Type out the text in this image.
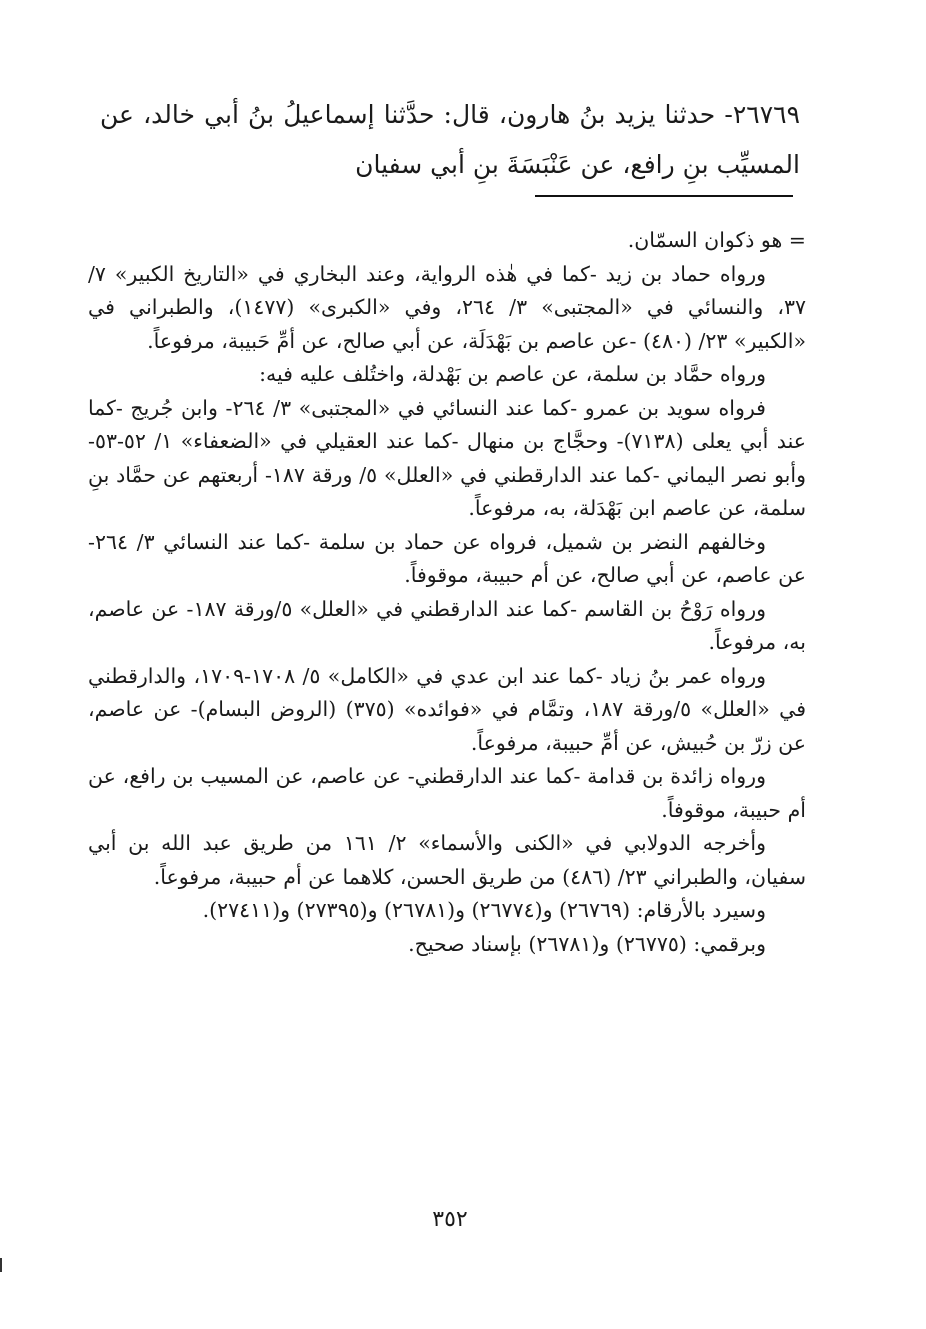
٢٦٧٦٩- حدثنا يزيد بنُ هارون، قال: حدَّثنا إسماعيلُ بنُ أبي خالد، عن المسيِّب بنِ رافع، عن عَنْبَسَةَ بنِ أبي سفيان

= هو ذكوان السمّان.

ورواه حماد بن زيد -كما في هٰذه الرواية، وعند البخاري في «التاريخ الكبير» ٧/ ٣٧، والنسائي في «المجتبى» ٣/ ٢٦٤، وفي «الكبرى» (١٤٧٧)، والطبراني في «الكبير» ٢٣/ (٤٨٠) -عن عاصم بن بَهْدَلَة، عن أبي صالح، عن أمِّ حَبيبة، مرفوعاً.

ورواه حمَّاد بن سلمة، عن عاصم بن بَهْدلة، واختُلف عليه فيه:

فرواه سويد بن عمرو -كما عند النسائي في «المجتبى» ٣/ ٢٦٤- وابن جُريج -كما عند أبي يعلى (٧١٣٨)- وحجَّاج بن منهال -كما عند العقيلي في «الضعفاء» ١/ ٥٢-٥٣- وأبو نصر اليماني -كما عند الدارقطني في «العلل» ٥/ ورقة ١٨٧- أربعتهم عن حمَّاد بنِ سلمة، عن عاصم ابن بَهْدَلة، به، مرفوعاً.

وخالفهم النضر بن شميل، فرواه عن حماد بن سلمة -كما عند النسائي ٣/ ٢٦٤- عن عاصم، عن أبي صالح، عن أم حبيبة، موقوفاً.

ورواه رَوْحُ بن القاسم -كما عند الدارقطني في «العلل» ٥/ورقة ١٨٧- عن عاصم، به، مرفوعاً.

ورواه عمر بنُ زياد -كما عند ابن عدي في «الكامل» ٥/ ١٧٠٨-١٧٠٩، والدارقطني في «العلل» ٥/ورقة ١٨٧، وتمَّام في «فوائده» (٣٧٥) (الروض البسام)- عن عاصم، عن زرّ بن حُبيش، عن أمِّ حبيبة، مرفوعاً.

ورواه زائدة بن قدامة -كما عند الدارقطني- عن عاصم، عن المسيب بن رافع، عن أم حبيبة، موقوفاً.

وأخرجه الدولابي في «الكنى والأسماء» ٢/ ١٦١ من طريق عبد الله بن أبي سفيان، والطبراني ٢٣/ (٤٨٦) من طريق الحسن، كلاهما عن أم حبيبة، مرفوعاً.

وسيرد بالأرقام: (٢٦٧٦٩) و(٢٦٧٧٤) و(٢٦٧٨١) و(٢٧٣٩٥) و(٢٧٤١١).

وبرقمي: (٢٦٧٧٥) و(٢٦٧٨١) بإسناد صحيح.

٣٥٢
